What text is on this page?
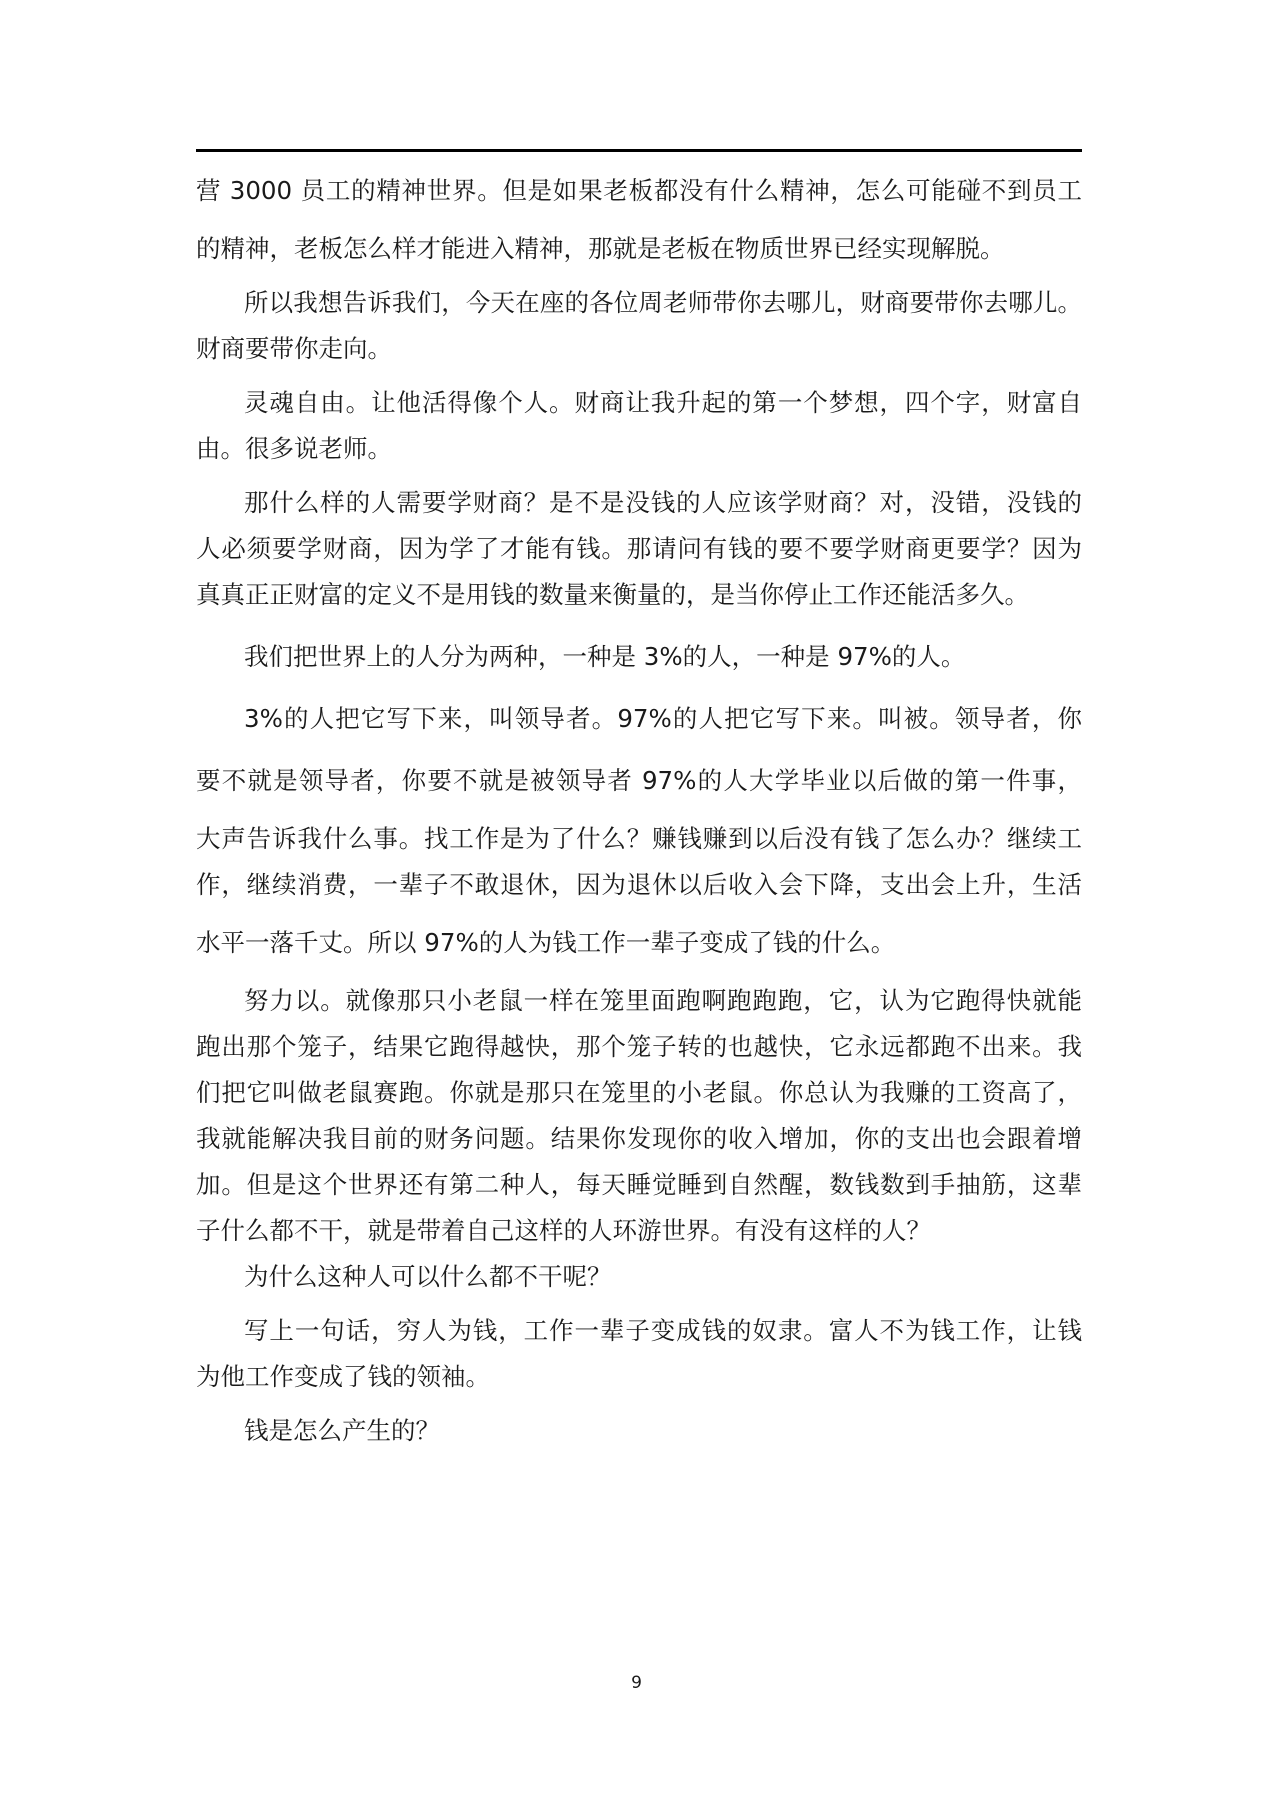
营 3000 员工的精神世界。但是如果老板都没有什么精神，怎么可能碰不到员工
的精神，老板怎么样才能进入精神，那就是老板在物质世界已经实现解脱。
所以我想告诉我们，今天在座的各位周老师带你去哪儿，财商要带你去哪儿。
财商要带你走向。
灵魂自由。让他活得像个人。财商让我升起的第一个梦想，四个字，财富自
由。很多说老师。
那什么样的人需要学财商？是不是没钱的人应该学财商？对，没错，没钱的
人必须要学财商，因为学了才能有钱。那请问有钱的要不要学财商更要学？因为
真真正正财富的定义不是用钱的数量来衡量的，是当你停止工作还能活多久。
我们把世界上的人分为两种，一种是 3%的人，一种是 97%的人。
3%的人把它写下来，叫领导者。97%的人把它写下来。叫被。领导者，你
要不就是领导者，你要不就是被领导者 97%的人大学毕业以后做的第一件事，
大声告诉我什么事。找工作是为了什么？赚钱赚到以后没有钱了怎么办？继续工
作，继续消费，一辈子不敢退休，因为退休以后收入会下降，支出会上升，生活
水平一落千丈。所以 97%的人为钱工作一辈子变成了钱的什么。
努力以。就像那只小老鼠一样在笼里面跑啊跑跑跑，它，认为它跑得快就能
跑出那个笼子，结果它跑得越快，那个笼子转的也越快，它永远都跑不出来。我
们把它叫做老鼠赛跑。你就是那只在笼里的小老鼠。你总认为我赚的工资高了，
我就能解决我目前的财务问题。结果你发现你的收入增加，你的支出也会跟着增
加。但是这个世界还有第二种人，每天睡觉睡到自然醒，数钱数到手抽筋，这辈
子什么都不干，就是带着自己这样的人环游世界。有没有这样的人？
为什么这种人可以什么都不干呢？
写上一句话，穷人为钱，工作一辈子变成钱的奴隶。富人不为钱工作，让钱
为他工作变成了钱的领袖。
钱是怎么产生的？
9
